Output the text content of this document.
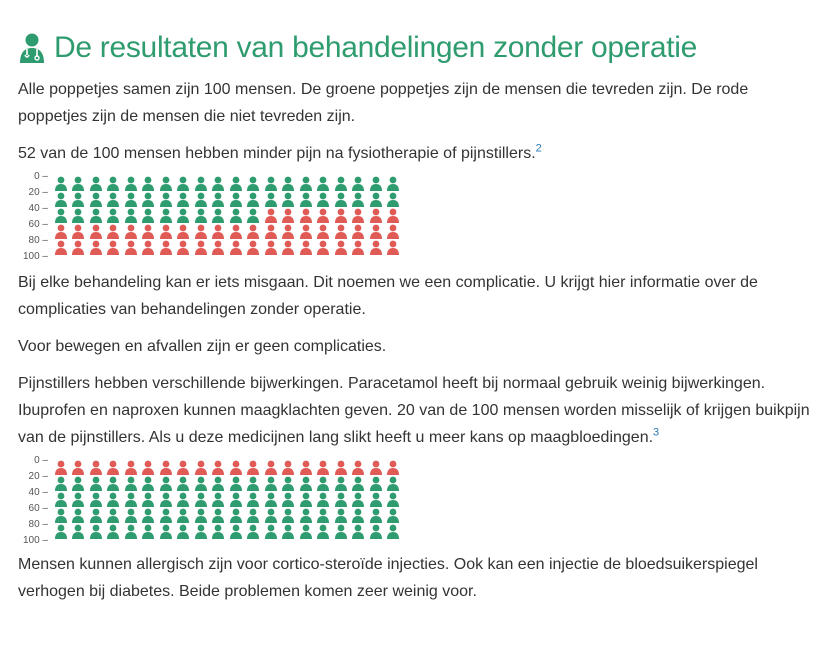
De resultaten van behandelingen zonder operatie

Alle poppetjes samen zijn 100 mensen. De groene poppetjes zijn de mensen die tevreden zijn. De rode poppetjes zijn de mensen die niet tevreden zijn.

52 van de 100 mensen hebben minder pijn na fysiotherapie of pijnstillers.$^2$

0 –
20 –
40 –
60 –
80 –
100 –

Bij elke behandeling kan er iets misgaan. Dit noemen we een complicatie. U krijgt hier informatie over de complicaties van behandelingen zonder operatie.

Voor bewegen en afvallen zijn er geen complicaties.

Pijnstillers hebben verschillende bijwerkingen. Paracetamol heeft bij normaal gebruik weinig bijwerkingen. Ibuprofen en naproxen kunnen maagklachten geven. 20 van de 100 mensen worden misselijk of krijgen buikpijn van de pijnstillers. Als u deze medicijnen lang slikt heeft u meer kans op maagbloedingen.$^3$

0 –
20 –
40 –
60 –
80 –
100 –

Mensen kunnen allergisch zijn voor cortico-steroïde injecties. Ook kan een injectie de bloedsuikerspiegel verhogen bij diabetes. Beide problemen komen zeer weinig voor.
